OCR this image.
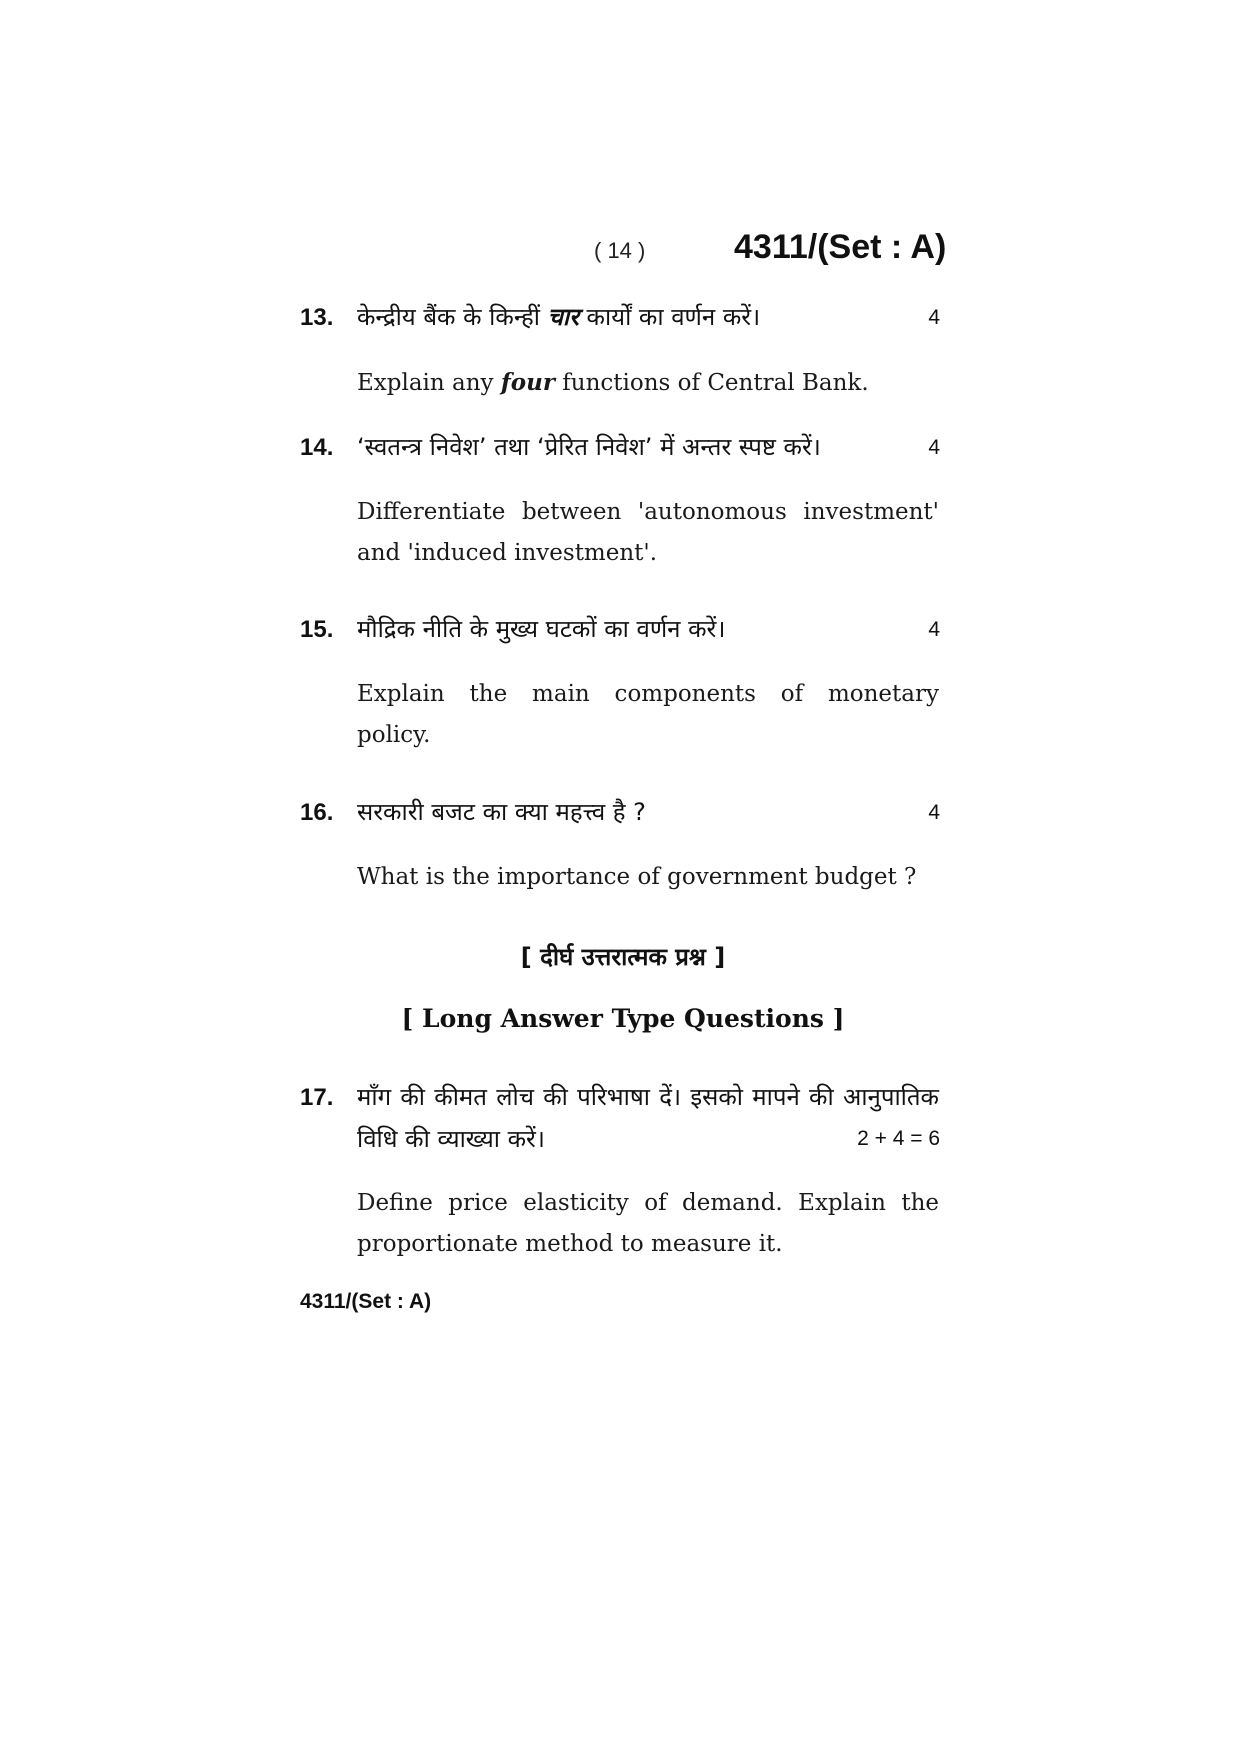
( 14 )	4311/(Set : A)
13. केन्द्रीय बैंक के किन्हीं चार कार्यों का वर्णन करें।	4
Explain any four functions of Central Bank.
14. ‘स्वतन्त्र निवेश’ तथा ‘प्रेरित निवेश’ में अन्तर स्पष्ट करें।	4
Differentiate between 'autonomous investment'
and 'induced investment'.
15. मौद्रिक नीति के मुख्य घटकों का वर्णन करें।	4
Explain the main components of monetary
policy.
16. सरकारी बजट का क्या महत्त्व है ?	4
What is the importance of government budget ?
[ दीर्घ उत्तरात्मक प्रश्न ]
[ Long Answer Type Questions ]
17. माँग की कीमत लोच की परिभाषा दें। इसको मापने की आनुपातिक
विधि की व्याख्या करें।	2 + 4 = 6
Define price elasticity of demand. Explain the
proportionate method to measure it.
4311/(Set : A)
